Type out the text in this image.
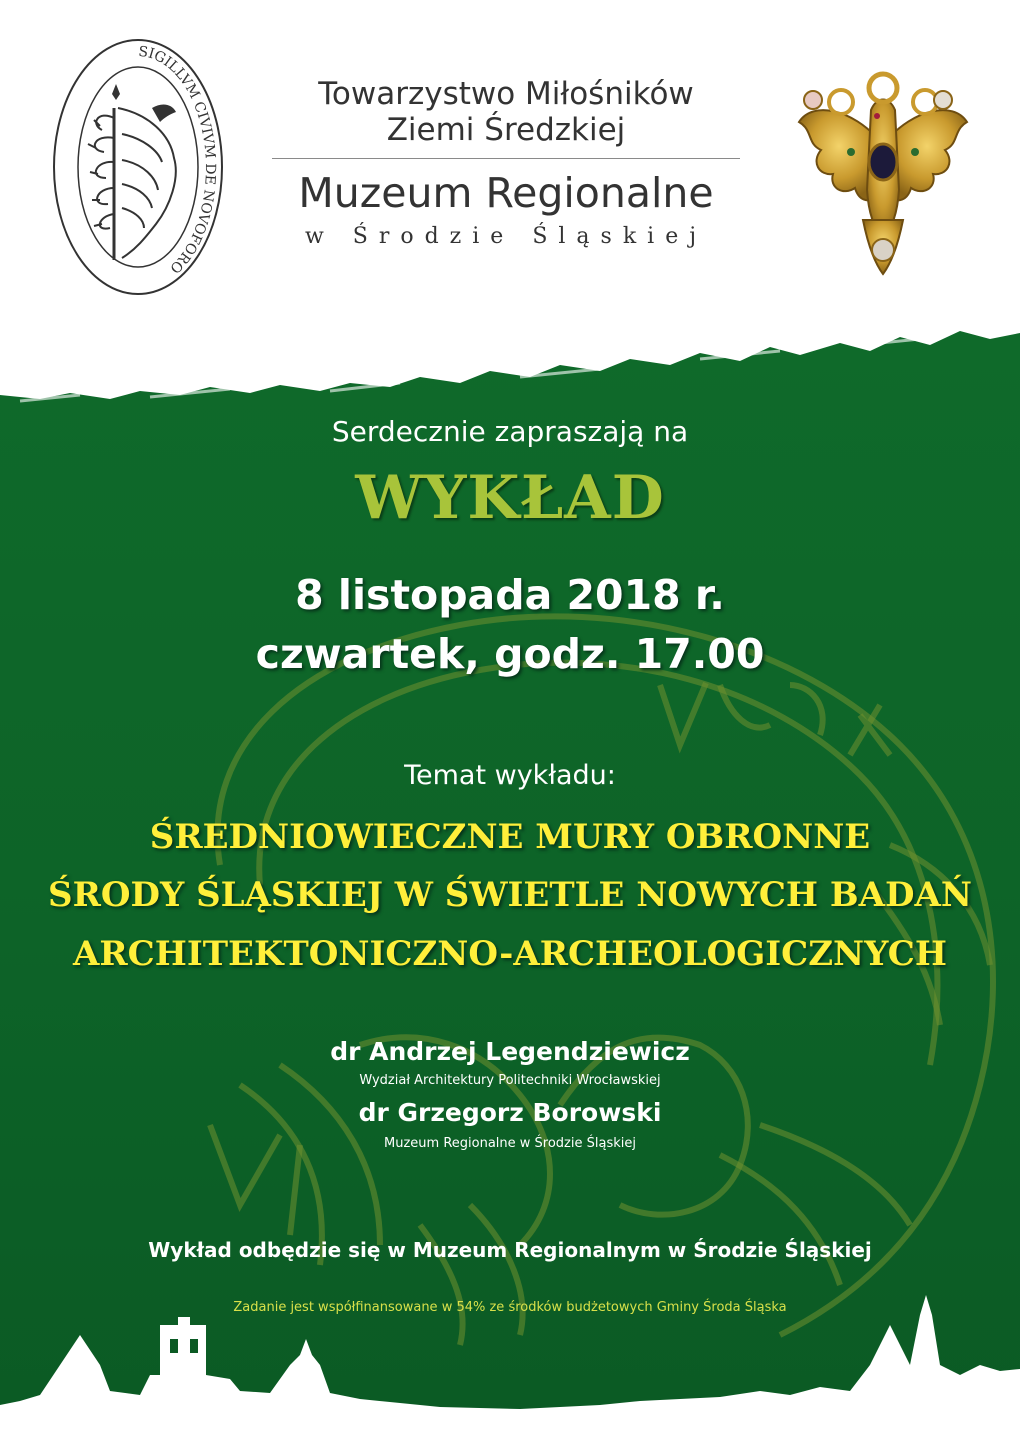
SIGILLVM CIVIVM DE NOVOFORO
Towarzystwo Miłośników
Ziemi Średzkiej
Muzeum Regionalne
w Środzie Śląskiej
Serdecznie zapraszają na
WYKŁAD
8 listopada 2018 r.
czwartek, godz. 17.00
Temat wykładu:
ŚREDNIOWIECZNE MURY OBRONNE
ŚRODY ŚLĄSKIEJ W ŚWIETLE NOWYCH BADAŃ
ARCHITEKTONICZNO-ARCHEOLOGICZNYCH
dr Andrzej Legendziewicz
Wydział Architektury Politechniki Wrocławskiej
dr Grzegorz Borowski
Muzeum Regionalne w Środzie Śląskiej
Wykład odbędzie się w Muzeum Regionalnym w Środzie Śląskiej
Zadanie jest współfinansowane w 54% ze środków budżetowych Gminy Środa Śląska
